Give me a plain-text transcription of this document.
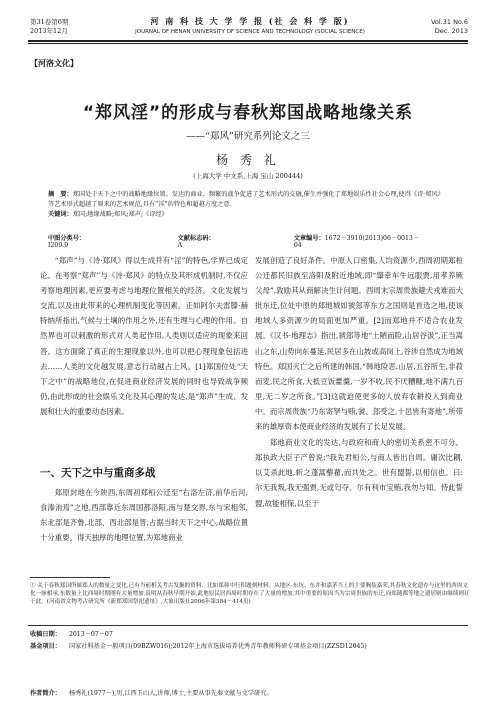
第31卷第6期
2013年12月
河 南 科 技 大 学 学 报 (社 会 科 学 版)
JOURNAL OF HENAN UNIVERSITY OF SCIENCE AND TECHNOLOGY (SOCIAL SCIENCE)
Vol.31 No.6
Dec. 2013
【河洛文化】
“郑风淫”的形成与春秋郑国战略地缘关系
——“郑风”研究系列论文之三
杨 秀 礼
(上海大学 中文系,上海 宝山 200444)
摘　要：郑国处于天下之中的战略地缘位置。发达的商业、频繁的战争促进了艺术形式的交融,催生并强化了郑地娱乐性社会心理,使得《诗·郑风》等艺术形式超越了原来的艺术规范,具有“淫”的特色和超越方度之意。
关键词：郑国;地缘战略;郑风;郑声;《诗经》
中图分类号：I209.9
文献标志码：A
文章编号：1672－3910(2013)06－0013－04

“郑声”与《诗·郑风》得以生成并有“淫”的特色,学界已成定论。在考察“郑声”与《诗·郑风》的特点及其形成机制时,不仅应考察地理因素,更应要考虑与地理位置相关的经济、文化发展与交流,以及由此带来的心理机制变化等因素。正如阿尔夫雷滕·赫特纳所指出,气候与土壤的作用之外,还有生理与心理的作用。自然界也可以刺激的形式对人类起作用,人类则以适应的现象来回答。这方面除了真正的生理现象以外,也可以把心理现象包括进去……人类的文化越发展,意志行动越占上风。[1]郑国位处“天下之中”的战略地位,在促进商业经济发展的同时也导致战争频仍,由此形成的社会娱乐文化及其心理的发达,是“郑声”生成、发展和壮大的重要动态因素。

一、天下之中与重商多战

郑原封地在今陕西,东周初郑桓公迁至“右洛左济,前华后河,食溱洧焉”之地,西部靠近东周国都洛阳,南与楚交界,东与宋相邻,东北部是齐鲁,北部、西北部是晋,占据当时天下之中心,战略位置十分重要。得天独厚的地理位置,为郑地商业

发展创造了良好条件。中原人口密集,人均资源少,西周初期郑桓公迁都民旧族至洛阳及附近地域,即“肇牵车牛远服贾,用孝养厥父母”,敦励其从商解决生计问题。西周末宗周贵族避犬戎难而大批东迁,位处中原的郑地城如虢郐等东方之国则是首选之地,使该地域人多资源少的局面更加严重。[2]而郑地并不适合农业发展。《汉书·地理志》指出,虢郐等地“土陋而险,山居谷汲”,正当嵩山之东,山势向东蔓延,民居多在山坡或高岗上,谷涉自然成为地域特色。郑国灭亡之后所建的韩国,“韩地险恶,山居,五谷所生,非菽而麦,民之所食,大抵豆饭藿羹,一岁不收,民不厌糟糠,地不满九百里,无二岁之所食。”[3]这就迫使更多的人放弃农耕投入到商业中。而宗周贵族“乃东寄孥与贿,虢、郐受之,十邑皆有寄地”,所带来的雄厚资本使商业经济的发展有了长足发展。

郑地商业文化的发达,与政府和商人的密切关系密不可分。郑执政大臣子产曾说:“我先君桓公,与商人皆出自周。庸次比耦,以艾杀此地,斩之蓬蒿藜藋,而共处之。世有盟誓,以相信也。曰:尔无我叛,我无强贾,无或匄夺。尔有利市宝贿,我勿与知。恃此誓盟,故能相保,以至于

① 关于春秋郑国所属郑人的数量之变化,已有当前相关考古发掘的资料、比如郑韩中行积题刻材料。从地区-东坑、东并和嘉茅当土的主要胸装嘉荣,其春秋文化遗存与这里的西周文化一脉相承,东数量上比西周时期刚有大量增加,说明从春秋早期开始,此地原民居西周时期存在了大量的增加,其中重要的原因当为宗周贵族的东迁,而郑随都等地之遗居则由继续则扛于此。(河南省文物考古研究所《新郑郑国祭祀遗址》,大象出版社2006年第384－414页)
收稿日期： 2013－07－07
基金项目： 国家社科基金一般项目(09BZW016);2012年上海市选拔培养优秀青年教师科研专项基金项目(ZZSD12045)
作者简介： 杨秀礼(1977－),男,江西玉山人,讲师,博士,主要从事先秦文献与文学研究。
